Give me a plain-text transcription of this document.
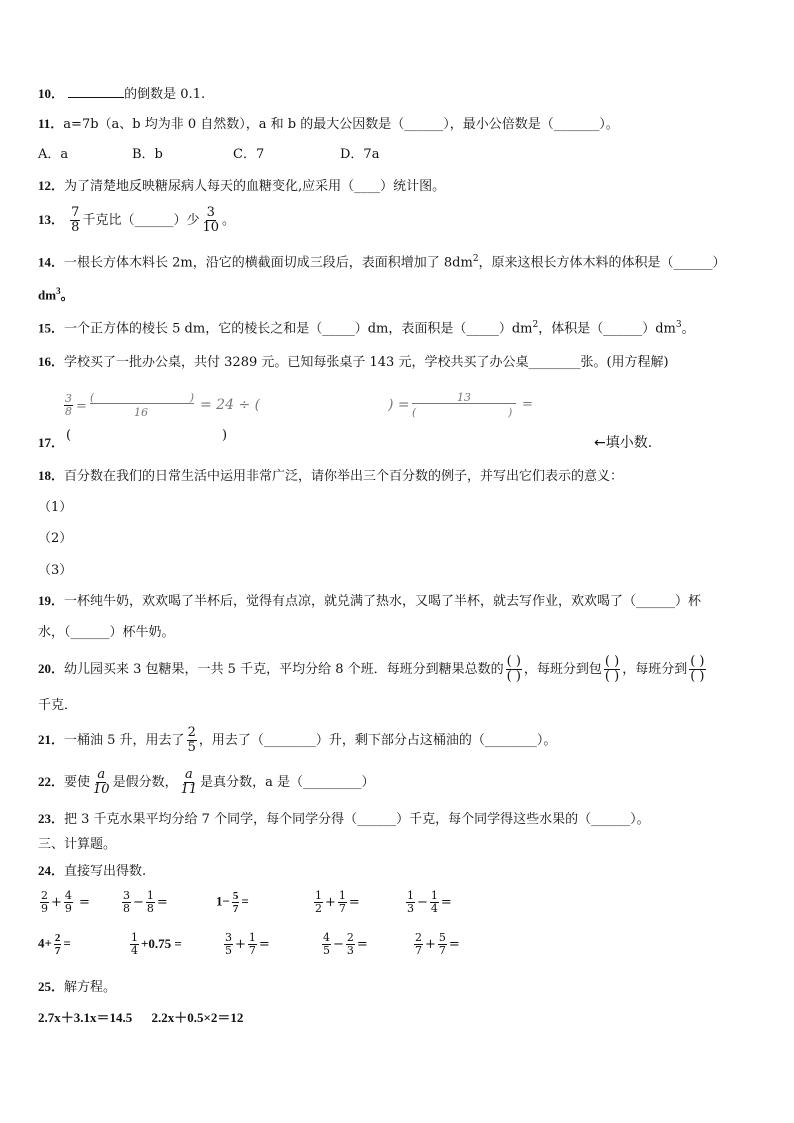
10．	的倒数是 0.1.
11．a=7b（a、b 均为非 0 自然数），a 和 b 的最大公因数是（______），最小公倍数是（_______）。
A．a	B．b	C．7	D．7a
12．为了清楚地反映糖尿病人每天的血糖变化,应采用（____）统计图。
13． $\frac{7}{8}$ 千克比（______）少 $\frac{3}{10}$ 。
14．一根长方体木料长 2m，沿它的横截面切成三段后，表面积增加了 $8dm^2$，原来这根长方体木料的体积是（______）
$dm^3$。
15．一个正方体的棱长 5 dm，它的棱长之和是（_____）dm，表面积是$(\_\_\_\_\_)dm^2$，体积是$(\_\_\_\_\_\_)dm^3$。
16．学校买了一批办公桌，共付 3289 元。已知每张桌子 143 元，学校共买了办公桌________张。(用方程解)
$\frac{3}{8}$ =
(	)
16	= 24 ÷ (	) =	13
(	)
=
17． (	)	←填小数.
18．百分数在我们的日常生活中运用非常广泛，请你举出三个百分数的例子，并写出它们表示的意义：
（1）
（2）
（3）
19．一杯纯牛奶，欢欢喝了半杯后，觉得有点凉，就兑满了热水，又喝了半杯，就去写作业，欢欢喝了（______）杯
水，（______）杯牛奶。
20．幼儿园买来 3 包糖果，一共 5 千克，平均分给 8 个班．每班分到糖果总数的 $\frac{( )}{( )}$ ，每班分到包 $\frac{( )}{( )}$ ，每班分到 $\frac{( )}{( )}$
千克．
21．一桶油 5 升，用去了 $\frac{2}{5}$ ，用去了（________）升，剩下部分占这桶油的（________）。
22．要使 $\frac{a}{10}$ 是假分数， $\frac{a}{11}$ 是真分数，a 是（_________）
23．把 3 千克水果平均分给 7 个同学，每个同学分得（______）千克，每个同学得这些水果的（______）。
三、计算题。
24．直接写出得数.
$\frac{2}{9} + \frac{4}{9}$ =	$\frac{3}{8} - \frac{1}{8}$ =	$1- \frac{5}{7}$ =	$\frac{1}{2} + \frac{1}{7}$ =	$\frac{1}{3} - \frac{1}{4}$ =
$4+ \frac{2}{7}$ =	$\frac{1}{4} +0.75$ =	$\frac{3}{5} + \frac{1}{7}$ =	$\frac{4}{5} - \frac{2}{3}$ =	$\frac{2}{7} + \frac{5}{7}$ =
25．解方程。
2.7x＋3.1x＝14.5 2.2x＋0.5×2＝12
